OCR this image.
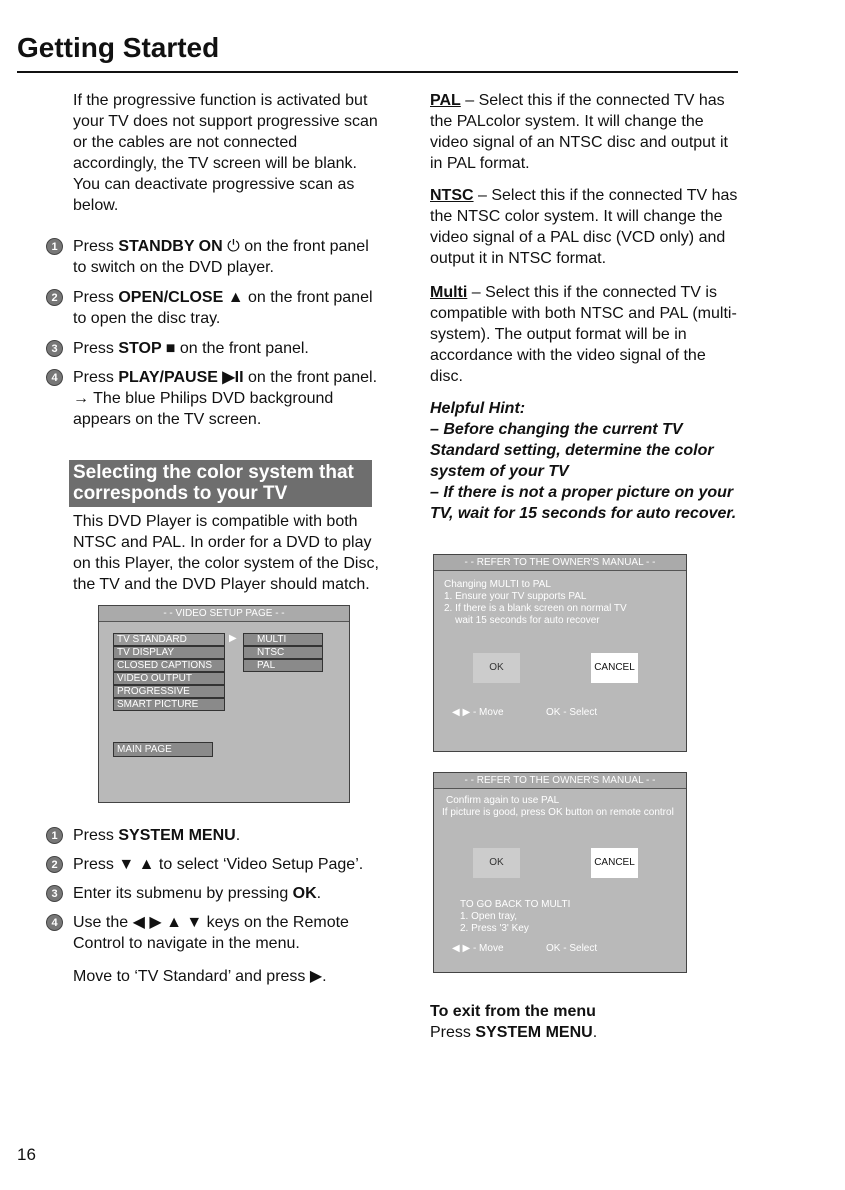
Getting Started

If the progressive function is activated but your TV does not support progressive scan or the cables are not connected accordingly, the TV screen will be blank. You can deactivate progressive scan as below.

1 Press STANDBY ON ⏻ on the front panel to switch on the DVD player.
2 Press OPEN/CLOSE ▲ on the front panel to open the disc tray.
3 Press STOP ■ on the front panel.
4 Press PLAY/PAUSE ▶II on the front panel.
→ The blue Philips DVD background appears on the TV screen.
Selecting the color system that corresponds to your TV

This DVD Player is compatible with both NTSC and PAL. In order for a DVD to play on this Player, the color system of the Disc, the TV and the DVD Player should match.

- - VIDEO SETUP PAGE - -
TV STANDARD
TV DISPLAY
CLOSED CAPTIONS
VIDEO OUTPUT
PROGRESSIVE
SMART PICTURE
▶	MULTI
NTSC
PAL
MAIN PAGE
1 Press SYSTEM MENU.
2 Press ▼ ▲ to select ‘Video Setup Page’.
3 Enter its submenu by pressing OK.
4 Use the ◀ ▶ ▲ ▼ keys on the Remote Control to navigate in the menu.

Move to ‘TV Standard’ and press ▶.

PAL – Select this if the connected TV has the PALcolor system. It will change the video signal of an NTSC disc and output it in PAL format.

NTSC – Select this if the connected TV has the NTSC color system. It will change the video signal of a PAL disc (VCD only) and output it in NTSC format.

Multi – Select this if the connected TV is compatible with both NTSC and PAL (multi-system). The output format will be in accordance with the video signal of the disc.

Helpful Hint:
– Before changing the current TV Standard setting, determine the color system of your TV
– If there is not a proper picture on your TV, wait for 15 seconds for auto recover.
- - REFER TO THE OWNER'S MANUAL - -
Changing MULTI to PAL
1. Ensure your TV supports PAL
2. If there is a blank screen on normal TV
wait 15 seconds for auto recover
OK	CANCEL
◀ ▶ - Move	OK - Select
- - REFER TO THE OWNER'S MANUAL - -
Confirm again to use PAL
If picture is good, press OK button on remote control
OK	CANCEL
TO GO BACK TO MULTI
1. Open tray,
2. Press '3' Key
◀ ▶ - Move	OK - Select
To exit from the menu
Press SYSTEM MENU.
16
